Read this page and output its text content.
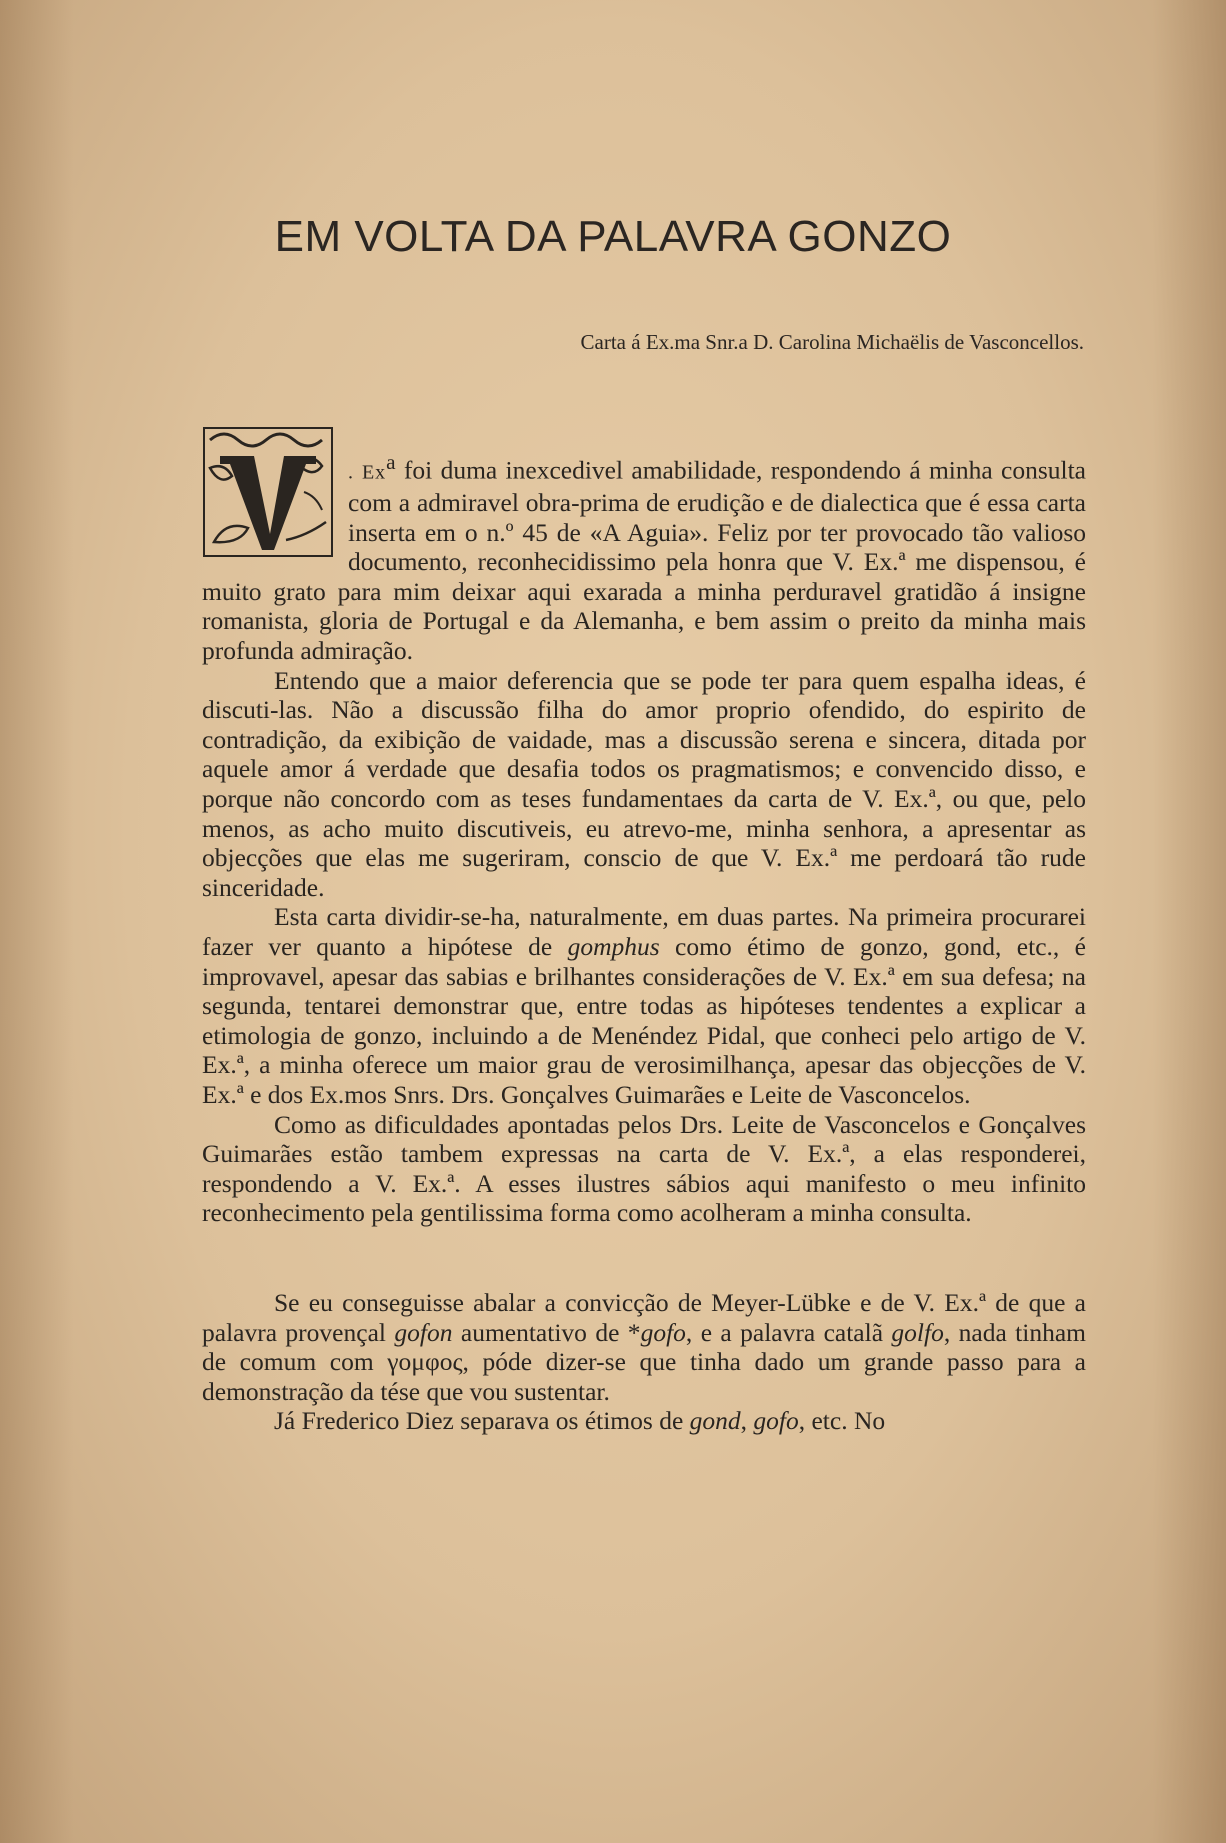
EM VOLTA DA PALAVRA GONZO
Carta á Ex.ma Snr.a D. Carolina Michaëlis de Vasconcellos.

V
. Ex$^a$ foi duma inexcedivel amabilidade, respondendo á minha consulta com a admiravel obra-prima de erudição e de dialectica que é essa carta inserta em o n.º 45 de «A Aguia». Feliz por ter provocado tão valioso documento, reconhecidissimo pela honra que V. Ex.ª me dispensou, é muito grato para mim deixar aqui exarada a minha perduravel gratidão á insigne romanista, gloria de Portugal e da Alemanha, e bem assim o preito da minha mais profunda admiração.

Entendo que a maior deferencia que se pode ter para quem espalha ideas, é discuti-las. Não a discussão filha do amor proprio ofendido, do espirito de contradição, da exibição de vaidade, mas a discussão serena e sincera, ditada por aquele amor á verdade que desafia todos os pragmatismos; e convencido disso, e porque não concordo com as teses fundamentaes da carta de V. Ex.ª, ou que, pelo menos, as acho muito discutiveis, eu atrevo-me, minha senhora, a apresentar as objecções que elas me sugeriram, conscio de que V. Ex.ª me perdoará tão rude sinceridade.

Esta carta dividir-se-ha, naturalmente, em duas partes. Na primeira procurarei fazer ver quanto a hipótese de gomphus como étimo de gonzo, gond, etc., é improvavel, apesar das sabias e brilhantes considerações de V. Ex.ª em sua defesa; na segunda, tentarei demonstrar que, entre todas as hipóteses tendentes a explicar a etimologia de gonzo, incluindo a de Menéndez Pidal, que conheci pelo artigo de V. Ex.ª, a minha oferece um maior grau de verosimilhança, apesar das objecções de V. Ex.ª e dos Ex.mos Snrs. Drs. Gonçalves Guimarães e Leite de Vasconcelos.

Como as dificuldades apontadas pelos Drs. Leite de Vasconcelos e Gonçalves Guimarães estão tambem expressas na carta de V. Ex.ª, a elas responderei, respondendo a V. Ex.ª. A esses ilustres sábios aqui manifesto o meu infinito reconhecimento pela gentilissima forma como acolheram a minha consulta.

Se eu conseguisse abalar a convicção de Meyer-Lübke e de V. Ex.ª de que a palavra provençal gofon aumentativo de *gofo, e a palavra catalã golfo, nada tinham de comum com γομφος, póde dizer-se que tinha dado um grande passo para a demonstração da tése que vou sustentar.

Já Frederico Diez separava os étimos de gond, gofo, etc. No
